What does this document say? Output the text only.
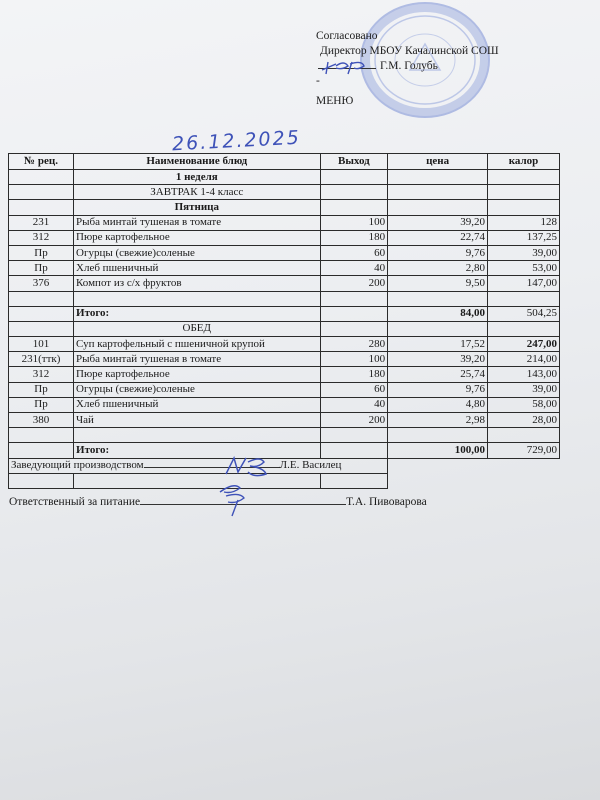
Согласовано
Директор МБОУ Качалинской СОШ
Г.М. Голубь
-
МЕНЮ
26.12.2025
№ рец.	Наименование блюд	Выход	цена	калор
	1 неделя			
	ЗАВТРАК 1-4 класс			
	Пятница			
231	Рыба минтай тушеная в томате	100	39,20	128
312	Пюре картофельное	180	22,74	137,25
Пр	Огурцы (свежие)соленые	60	9,76	39,00
Пр	Хлеб пшеничный	40	2,80	53,00
376	Компот из с/х фруктов	200	9,50	147,00

	Итого:		84,00	504,25
	ОБЕД			
101	Суп картофельный с пшеничной крупой	280	17,52	247,00
231(ттк)	Рыба минтай тушеная в томате	100	39,20	214,00
312	Пюре картофельное	180	25,74	143,00
Пр	Огурцы (свежие)соленые	60	9,76	39,00
Пр	Хлеб пшеничный	40	4,80	58,00
380	Чай	200	2,98	28,00

	Итого:		100,00	729,00
Заведующий производством Л.Е. Василец				

Ответственный за питание	Т.А. Пивоварова
